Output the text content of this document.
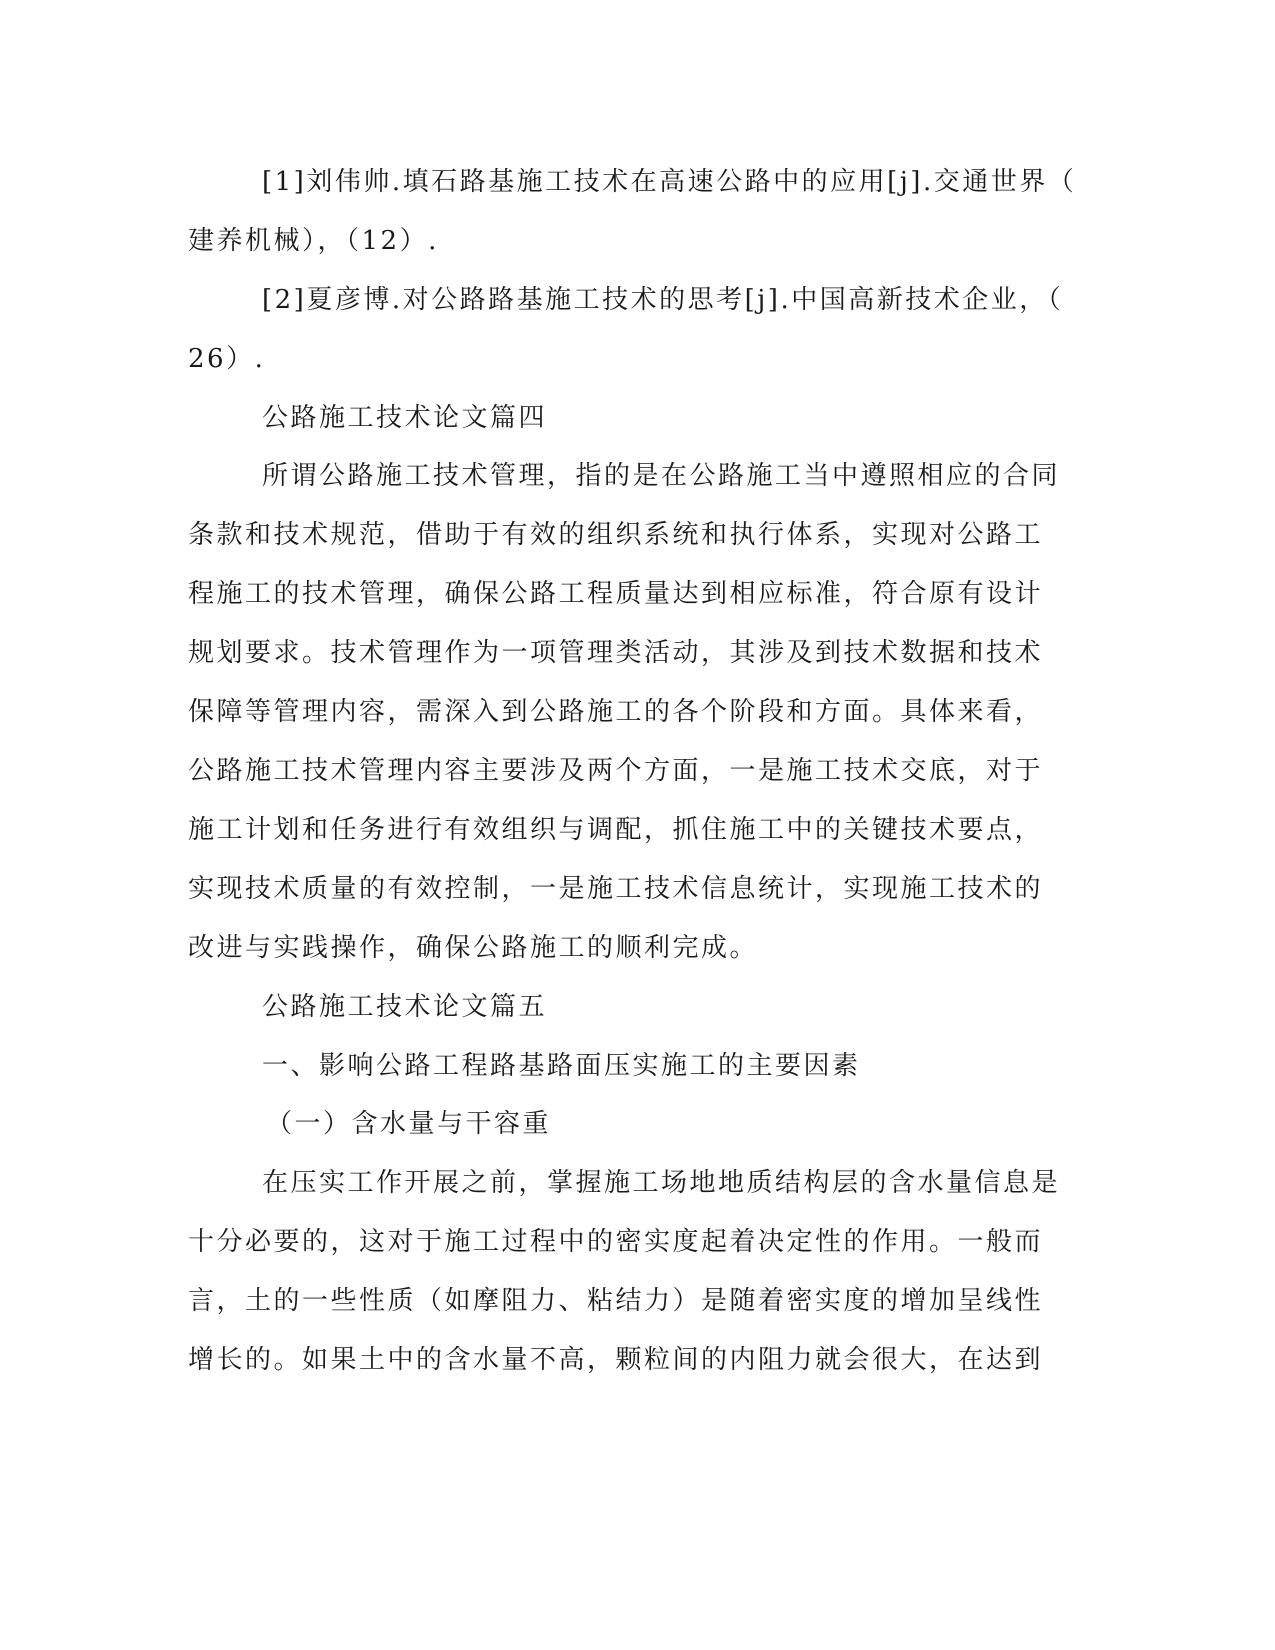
[1]刘伟帅.填石路基施工技术在高速公路中的应用[j].交通世界（
建养机械），（12）.
[2]夏彦博.对公路路基施工技术的思考[j].中国高新技术企业，（
26）.
公路施工技术论文篇四
所谓公路施工技术管理，指的是在公路施工当中遵照相应的合同
条款和技术规范，借助于有效的组织系统和执行体系，实现对公路工
程施工的技术管理，确保公路工程质量达到相应标准，符合原有设计
规划要求。技术管理作为一项管理类活动，其涉及到技术数据和技术
保障等管理内容，需深入到公路施工的各个阶段和方面。具体来看，
公路施工技术管理内容主要涉及两个方面，一是施工技术交底，对于
施工计划和任务进行有效组织与调配，抓住施工中的关键技术要点，
实现技术质量的有效控制，一是施工技术信息统计，实现施工技术的
改进与实践操作，确保公路施工的顺利完成。
公路施工技术论文篇五
一、影响公路工程路基路面压实施工的主要因素
（一）含水量与干容重
在压实工作开展之前，掌握施工场地地质结构层的含水量信息是
十分必要的，这对于施工过程中的密实度起着决定性的作用。一般而
言，土的一些性质（如摩阻力、粘结力）是随着密实度的增加呈线性
增长的。如果土中的含水量不高，颗粒间的内阻力就会很大，在达到
